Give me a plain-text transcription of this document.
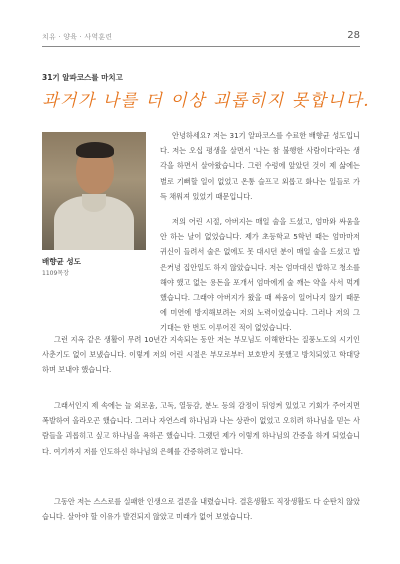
치유 · 양육 · 사역훈련	28
31기 알파코스를 마치고
과거가 나를 더 이상 괴롭히지 못합니다.
배향균 성도
1109목장

안녕하세요? 저는 31기 알파코스를 수료한 배향균 성도입니다. 저는 오십 평생을 살면서 '나는 참 불행한 사람이다'라는 생각을 하면서 살아왔습니다. 그런 수렁에 앞았던 것이 제 삶에는 별로 기뻐할 일이 없었고 온통 슬프고 외롭고 화나는 일들로 가득 채워져 있었기 때문입니다.

저의 어린 시절, 아버지는 매일 술을 드셨고, 엄마와 싸움을 안 하는 날이 없었습니다. 제가 초등학교 5학년 때는 엄마마저 귀신이 들려서 술은 없에도 못 대시던 분이 매일 술을 드셨고 밥은커녕 집안일도 하지 않았습니다. 저는 엄마대신 밥하고 청소를 해야 했고 없는 용돈을 포개서 엄마에게 술 깨는 약을 사서 먹게 했습니다. 그래야 아버지가 왔을 때 싸움이 일어나지 않기 때문에 미연에 방지해보려는 저의 노력이었습니다. 그러나 저의 그 기대는 한 번도 이루어진 적이 없었습니다.

그런 지옥 같은 생활이 무려 10년간 지속되는 동안 저는 부모님도 이해한다는 질풍노도의 시기인 사춘기도 없이 보냈습니다. 이렇게 저의 어린 시절은 부모로부터 보호받지 못했고 방치되었고 학대당하며 보내야 했습니다.

그래서인지 제 속에는 늘 외로움, 고독, 열등감, 분노 등의 감정이 뒤엉켜 있었고 기회가 주어지면 폭발하여 올라오곤 했습니다. 그러나 자연스레 하나님과 나는 상관이 없었고 오히려 하나님을 믿는 사람들을 괴롭히고 싶고 하나님을 욕하곤 했습니다. 그랬던 제가 이렇게 하나님의 간증을 하게 되었습니다. 여기까지 저를 인도하신 하나님의 은혜를 간증하려고 합니다.

그동안 저는 스스로를 실패한 인생으로 결론을 내렸습니다. 결혼생활도 직장생활도 다 순탄치 않았습니다. 살아야 할 이유가 발견되지 않았고 미래가 없어 보였습니다.
